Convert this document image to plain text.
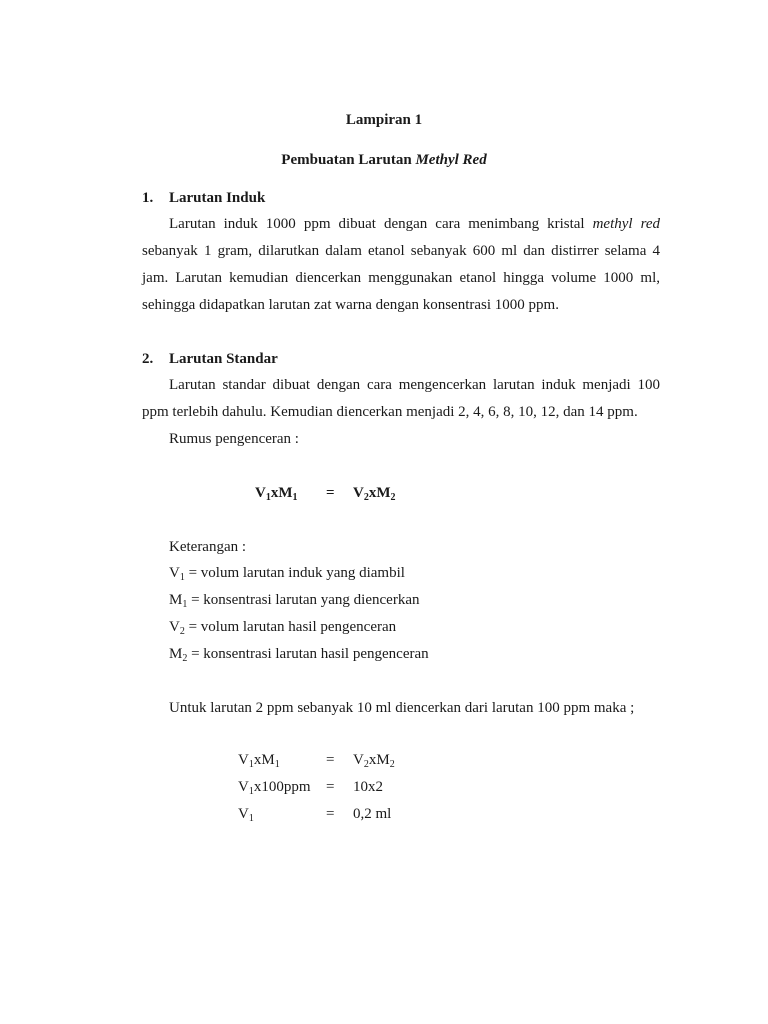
Lampiran 1
Pembuatan Larutan Methyl Red
1. Larutan Induk
Larutan induk 1000 ppm dibuat dengan cara menimbang kristal methyl red
sebanyak 1 gram, dilarutkan dalam etanol sebanyak 600 ml dan distirrer selama 4
jam. Larutan kemudian diencerkan menggunakan etanol hingga volume 1000 ml,
sehingga didapatkan larutan zat warna dengan konsentrasi 1000 ppm.
2. Larutan Standar
Larutan standar dibuat dengan cara mengencerkan larutan induk menjadi 100
ppm terlebih dahulu. Kemudian diencerkan menjadi 2, 4, 6, 8, 10, 12, dan 14 ppm.
Rumus pengenceran :
$V_1xM_1 = V_2xM_2$
Keterangan :
$V_1$ = volum larutan induk yang diambil
$M_1$ = konsentrasi larutan yang diencerkan
$V_2$ = volum larutan hasil pengenceran
$M_2$ = konsentrasi larutan hasil pengenceran
Untuk larutan 2 ppm sebanyak 10 ml diencerkan dari larutan 100 ppm maka ;
$V_1xM_1$	= $V_2xM_2$
$V_1x100ppm = 10x2$
$V_1$	= 0,2 ml
